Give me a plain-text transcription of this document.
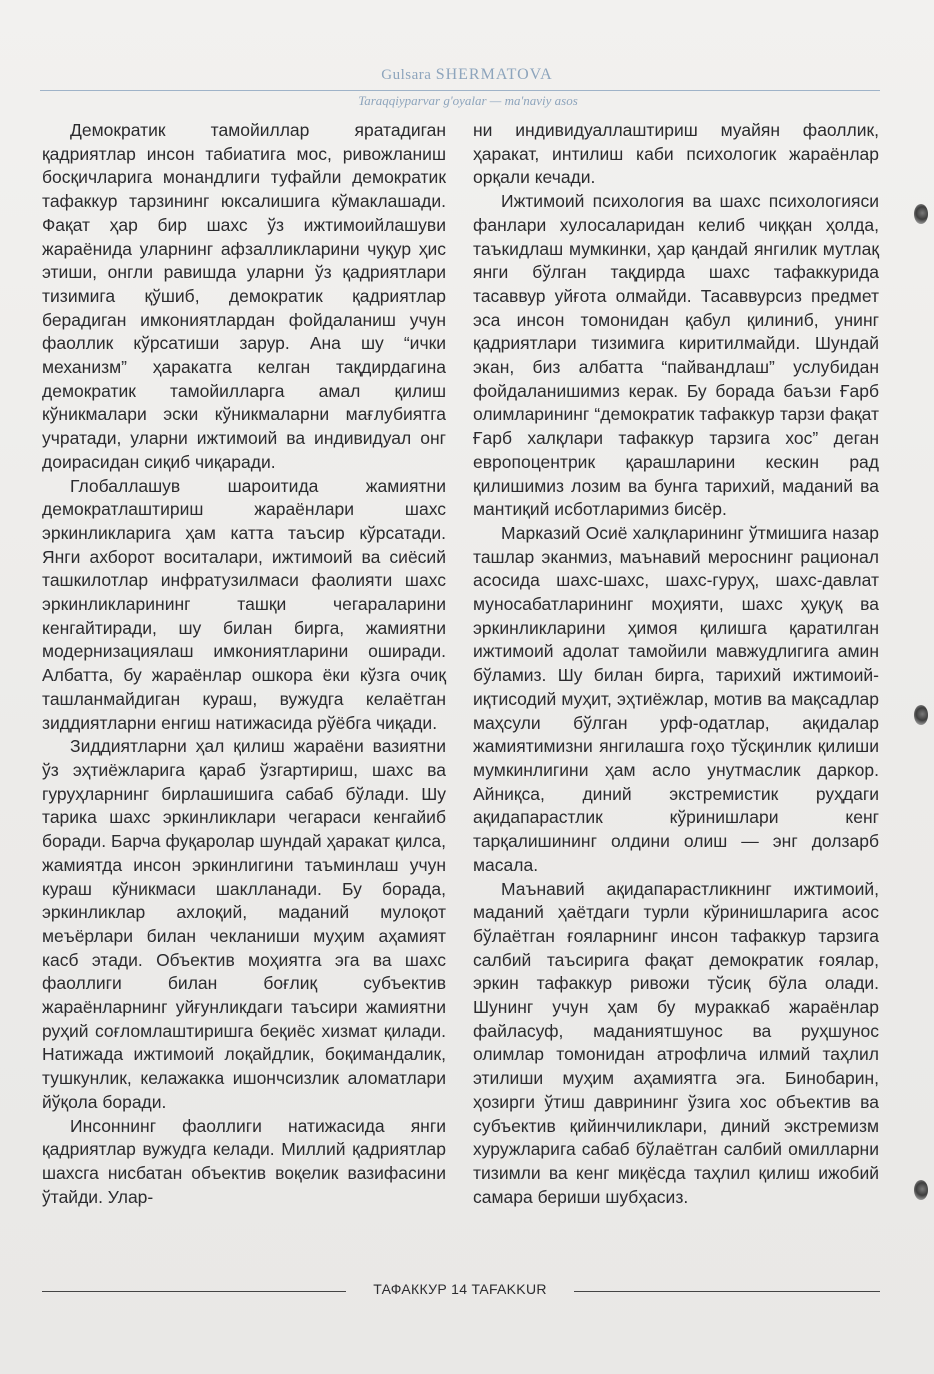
Gulsara SHERMATOVA

Taraqqiyparvar g'oyalar — ma'naviy asos

Демократик тамойиллар яратадиган қадриятлар инсон табиатига мос, ривожланиш босқичларига монандлиги туфайли демократик тафаккур тарзининг юксалишига кўмаклашади. Фақат ҳар бир шахс ўз ижтимоийлашуви жараёнида уларнинг афзалликларини чуқур ҳис этиши, онгли равишда уларни ўз қадриятлари тизимига қўшиб, демократик қадриятлар берадиган имкониятлардан фойдаланиш учун фаоллик кўрсатиши зарур. Ана шу “ички механизм” ҳаракатга келган тақдирдагина демократик тамойилларга амал қилиш кўникмалари эски кўникмаларни мағлубиятга учратади, уларни ижтимоий ва индивидуал онг доирасидан сиқиб чиқаради.

Глобаллашув шароитида жамиятни демократлаштириш жараёнлари шахс эркинликларига ҳам катта таъсир кўрсатади. Янги ахборот воситалари, ижтимоий ва сиёсий ташкилотлар инфратузилмаси фаолияти шахс эркинликларининг ташқи чегараларини кенгайтиради, шу билан бирга, жамиятни модернизациялаш имкониятларини оширади. Албатта, бу жараёнлар ошкора ёки кўзга очиқ ташланмайдиган кураш, вужудга келаётган зиддиятларни енгиш натижасида рўёбга чиқади.

Зиддиятларни ҳал қилиш жараёни вазиятни ўз эҳтиёжларига қараб ўзгартириш, шахс ва гуруҳларнинг бирлашишига сабаб бўлади. Шу тарика шахс эркинликлари чегараси кенгайиб боради. Барча фуқаролар шундай ҳаракат қилса, жамиятда инсон эркинлигини таъминлаш учун кураш кўникмаси шаклланади. Бу борада, эркинликлар ахлоқий, маданий мулоқот меъёрлари билан чекланиши муҳим аҳамият касб этади. Объектив моҳиятга эга ва шахс фаоллиги билан боғлиқ субъектив жараёнларнинг уйғунликдаги таъсири жамиятни руҳий соғломлаштиришга беқиёс хизмат қилади. Натижада ижтимоий лоқайдлик, боқимандалик, тушкунлик, келажакка ишончсизлик аломатлари йўқола боради.

Инсоннинг фаоллиги натижасида янги қадриятлар вужудга келади. Миллий қадриятлар шахсга нисбатан объектив воқелик вазифасини ўтайди. Улар-

ни индивидуаллаштириш муайян фаоллик, ҳаракат, интилиш каби психологик жараёнлар орқали кечади.

Ижтимоий психология ва шахс психологияси фанлари хулосаларидан келиб чиққан ҳолда, таъкидлаш мумкинки, ҳар қандай янгилик мутлақ янги бўлган тақдирда шахс тафаккурида тасаввур уйғота олмайди. Тасаввурсиз предмет эса инсон томонидан қабул қилиниб, унинг қадриятлари тизимига киритилмайди. Шундай экан, биз албатта “пайвандлаш” услубидан фойдаланишимиз керак. Бу борада баъзи Ғарб олимларининг “демократик тафаккур тарзи фақат Ғарб халқлари тафаккур тарзига хос” деган европоцентрик қарашларини кескин рад қилишимиз лозим ва бунга тарихий, маданий ва мантиқий исботларимиз бисёр.

Марказий Осиё халқларининг ўтмишига назар ташлар эканмиз, маънавий мероснинг рационал асосида шахс-шахс, шахс-гуруҳ, шахс-давлат муносабатларининг моҳияти, шахс ҳуқуқ ва эркинликларини ҳимоя қилишга қаратилган ижтимоий адолат тамойили мавжудлигига амин бўламиз. Шу билан бирга, тарихий ижтимоий-иқтисодий муҳит, эҳтиёжлар, мотив ва мақсадлар маҳсули бўлган урф-одатлар, ақидалар жамиятимизни янгилашга гоҳо тўсқинлик қилиши мумкинлигини ҳам асло унутмаслик даркор. Айниқса, диний экстремистик руҳдаги ақидапарастлик кўринишлари кенг тарқалишининг олдини олиш — энг долзарб масала.

Маънавий ақидапарастликнинг ижтимоий, маданий ҳаётдаги турли кўринишларига асос бўлаётган ғояларнинг инсон тафаккур тарзига салбий таъсирига фақат демократик ғоялар, эркин тафаккур ривожи тўсиқ бўла олади. Шунинг учун ҳам бу мураккаб жараёнлар файласуф, маданиятшунос ва руҳшунос олимлар томонидан атрофлича илмий таҳлил этилиши муҳим аҳамиятга эга. Бинобарин, ҳозирги ўтиш даврининг ўзига хос объектив ва субъектив қийинчиликлари, диний экстремизм хуружларига сабаб бўлаётган салбий омилларни тизимли ва кенг миқёсда таҳлил қилиш ижобий самара бериши шубҳасиз.

ТАФАККУР 14 TAFAKKUR
